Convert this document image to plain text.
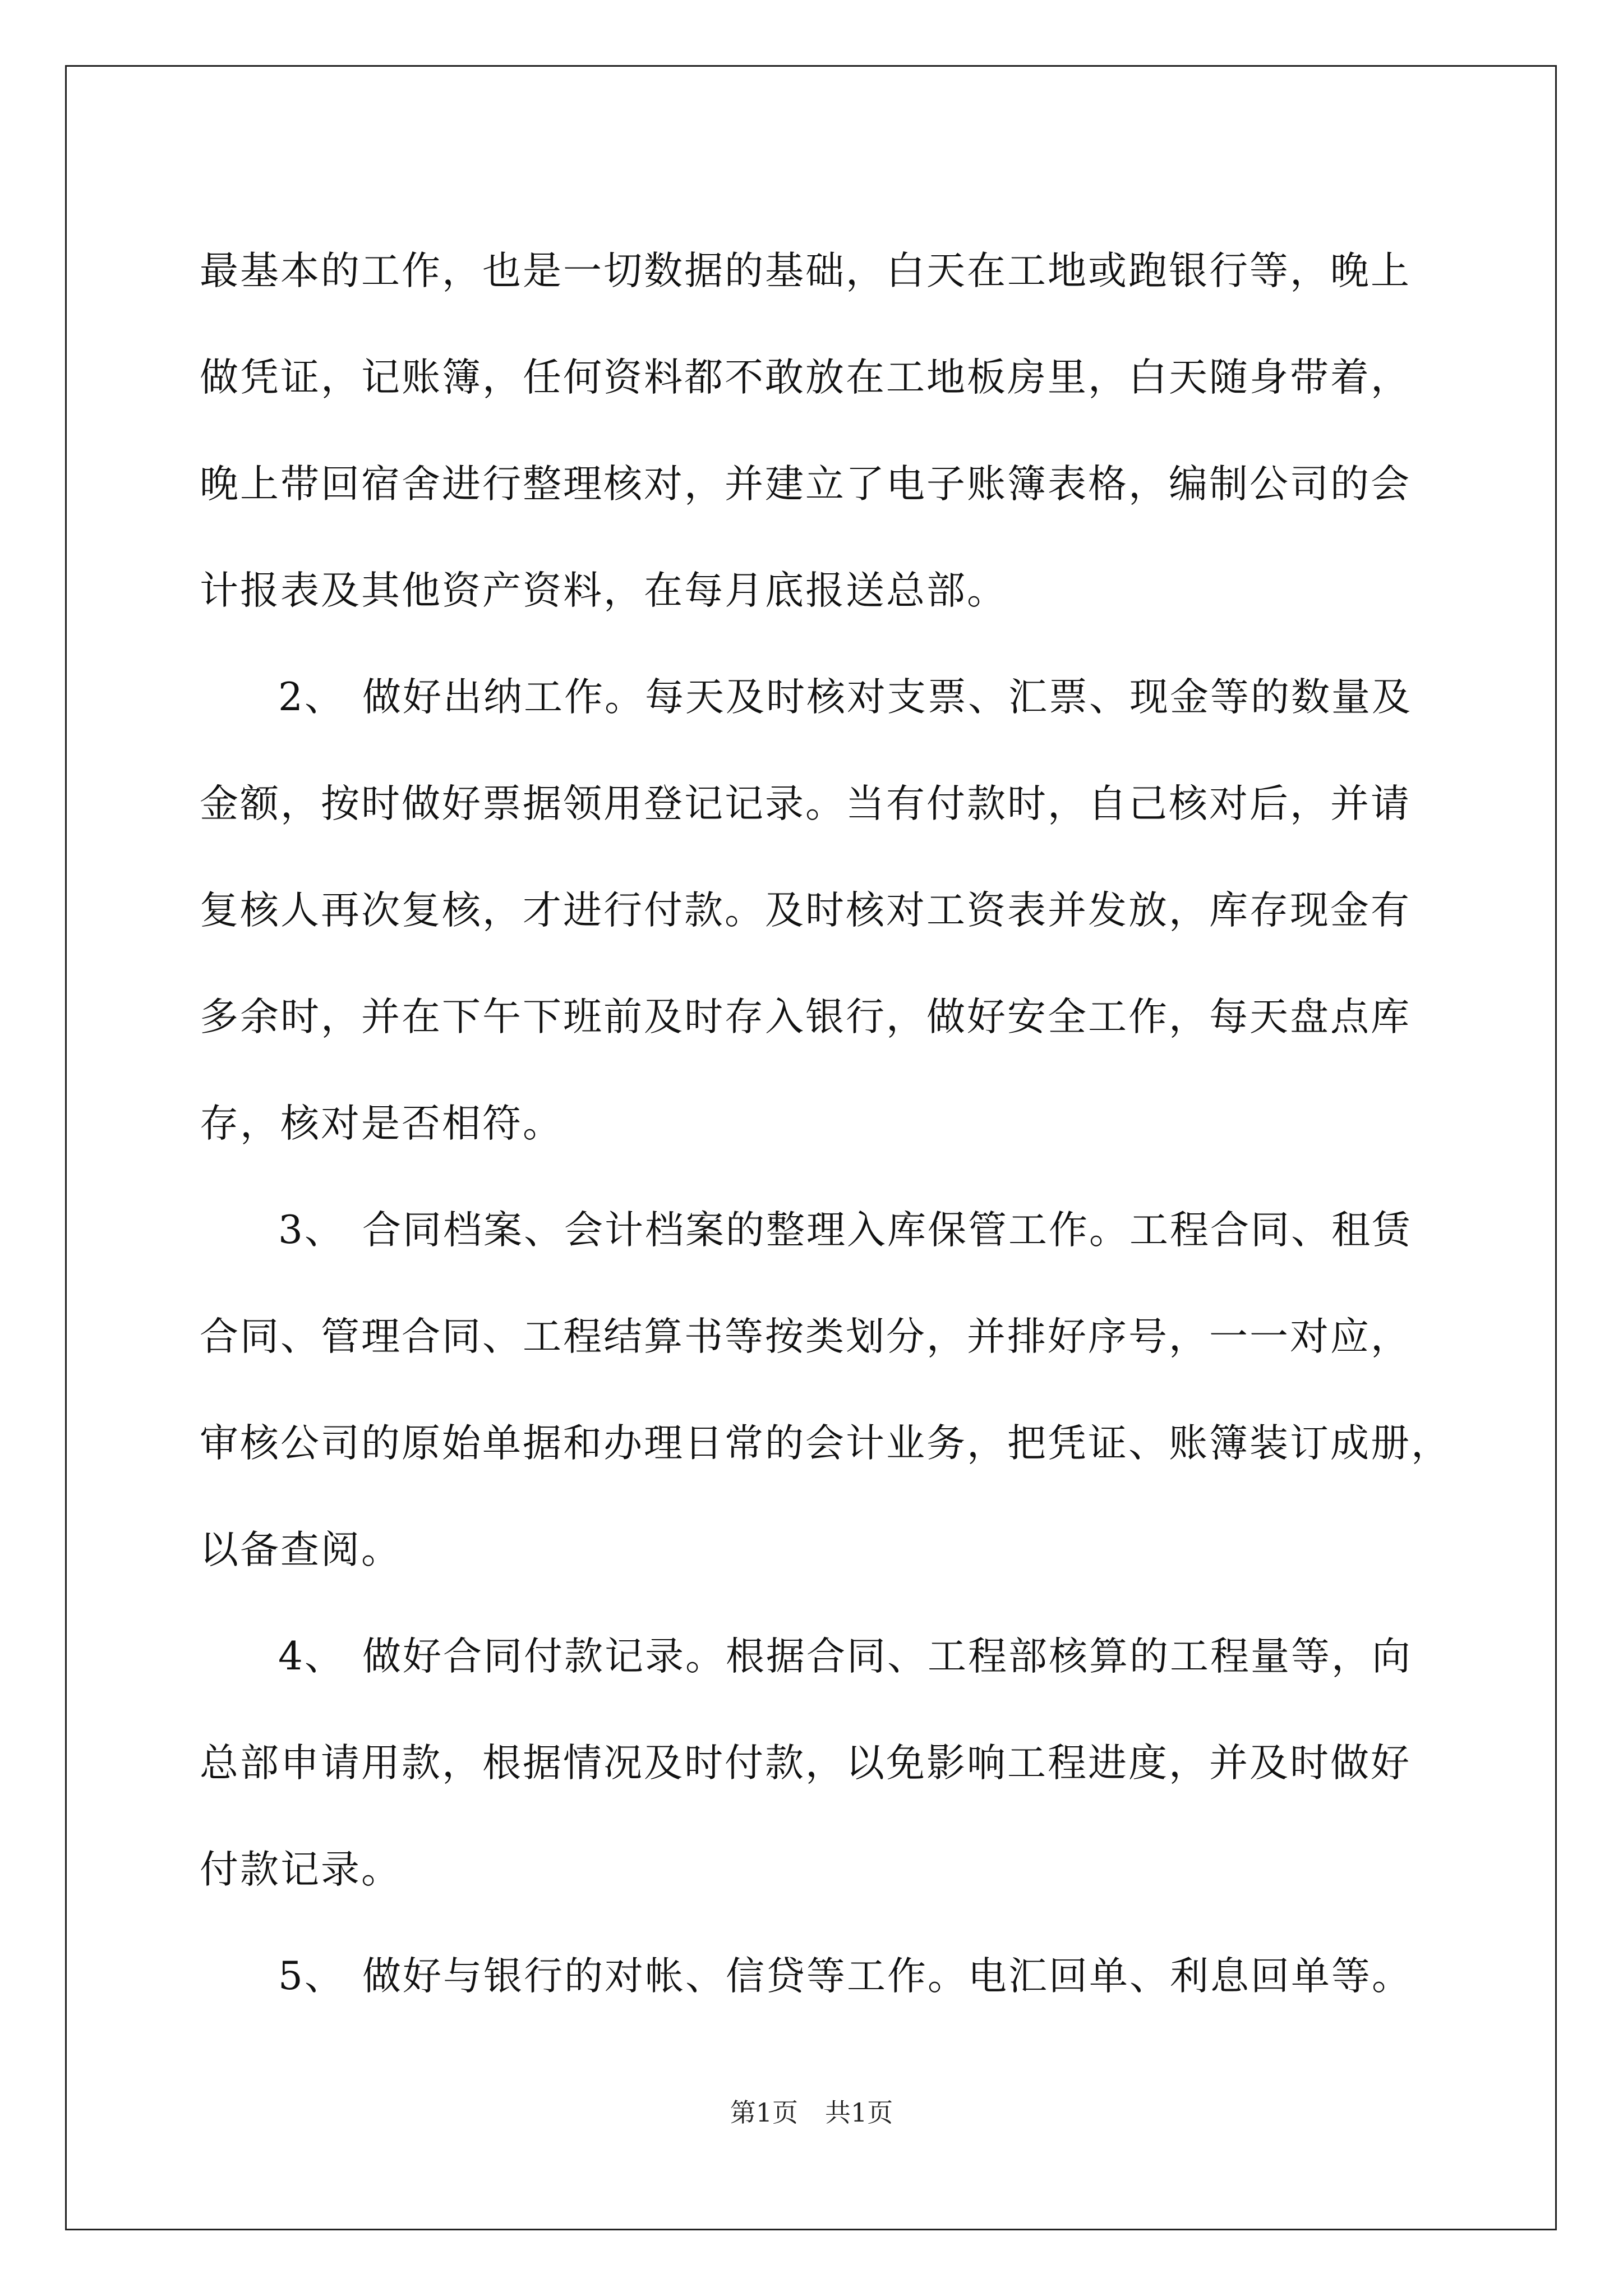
最基本的工作，也是一切数据的基础，白天在工地或跑银行等，晚上
做凭证，记账簿，任何资料都不敢放在工地板房里，白天随身带着，
晚上带回宿舍进行整理核对，并建立了电子账簿表格，编制公司的会
计报表及其他资产资料，在每月底报送总部。
2、 做好出纳工作。每天及时核对支票、汇票、现金等的数量及
金额，按时做好票据领用登记记录。当有付款时，自己核对后，并请
复核人再次复核，才进行付款。及时核对工资表并发放，库存现金有
多余时，并在下午下班前及时存入银行，做好安全工作，每天盘点库
存，核对是否相符。
3、 合同档案、会计档案的整理入库保管工作。工程合同、租赁
合同、管理合同、工程结算书等按类划分，并排好序号，一一对应，
审核公司的原始单据和办理日常的会计业务，把凭证、账簿装订成册，
以备查阅。
4、 做好合同付款记录。根据合同、工程部核算的工程量等，向
总部申请用款，根据情况及时付款，以免影响工程进度，并及时做好
付款记录。
5、 做好与银行的对帐、信贷等工作。电汇回单、利息回单等。
第1页 共1页
